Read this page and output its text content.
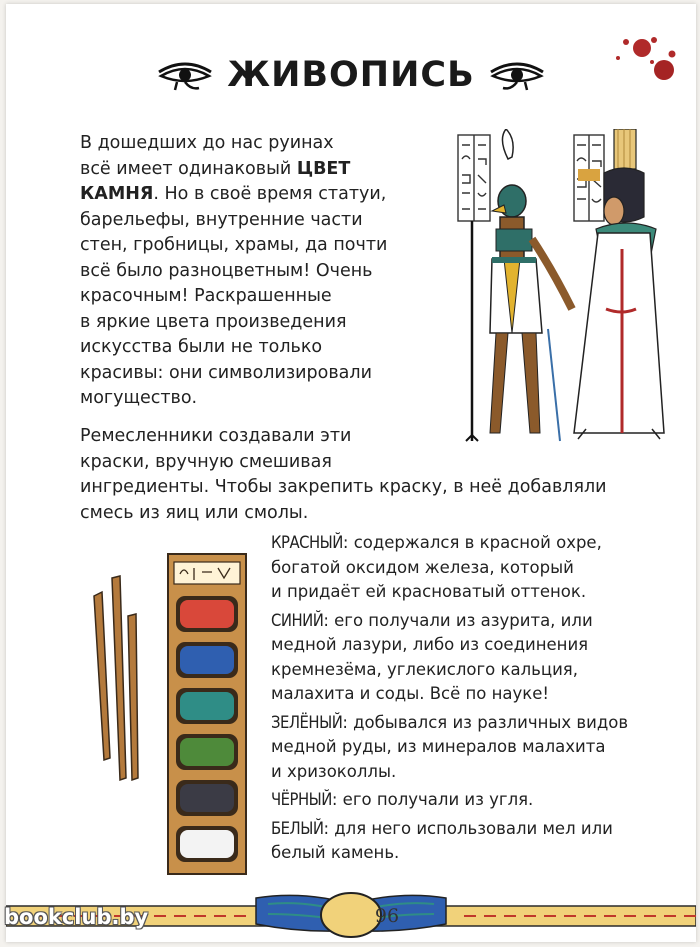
ЖИВОПИСЬ
В дошедших до нас руинах
всё имеет одинаковый ЦВЕТ
КАМНЯ. Но в своё время статуи,
барельефы, внутренние части
стен, гробницы, храмы, да почти
всё было разноцветным! Очень
красочным! Раскрашенные
в яркие цвета произведения
искусства были не только
красивы: они символизировали
могущество.
Ремесленники создавали эти
краски, вручную смешивая
ингредиенты. Чтобы закрепить краску, в неё добавляли
смесь из яиц или смолы.
КРАСНЫЙ: содержался в красной охре,
богатой оксидом железа, который
и придаёт ей красноватый оттенок.
СИНИЙ: его получали из азурита, или
медной лазури, либо из соединения
кремнезёма, углекислого кальция,
малахита и соды. Всё по науке!
ЗЕЛЁНЫЙ: добывался из различных видов
медной руды, из минералов малахита
и хризоколлы.
ЧЁРНЫЙ: его получали из угля.
БЕЛЫЙ: для него использовали мел или
белый камень.
96
bookclub.by
